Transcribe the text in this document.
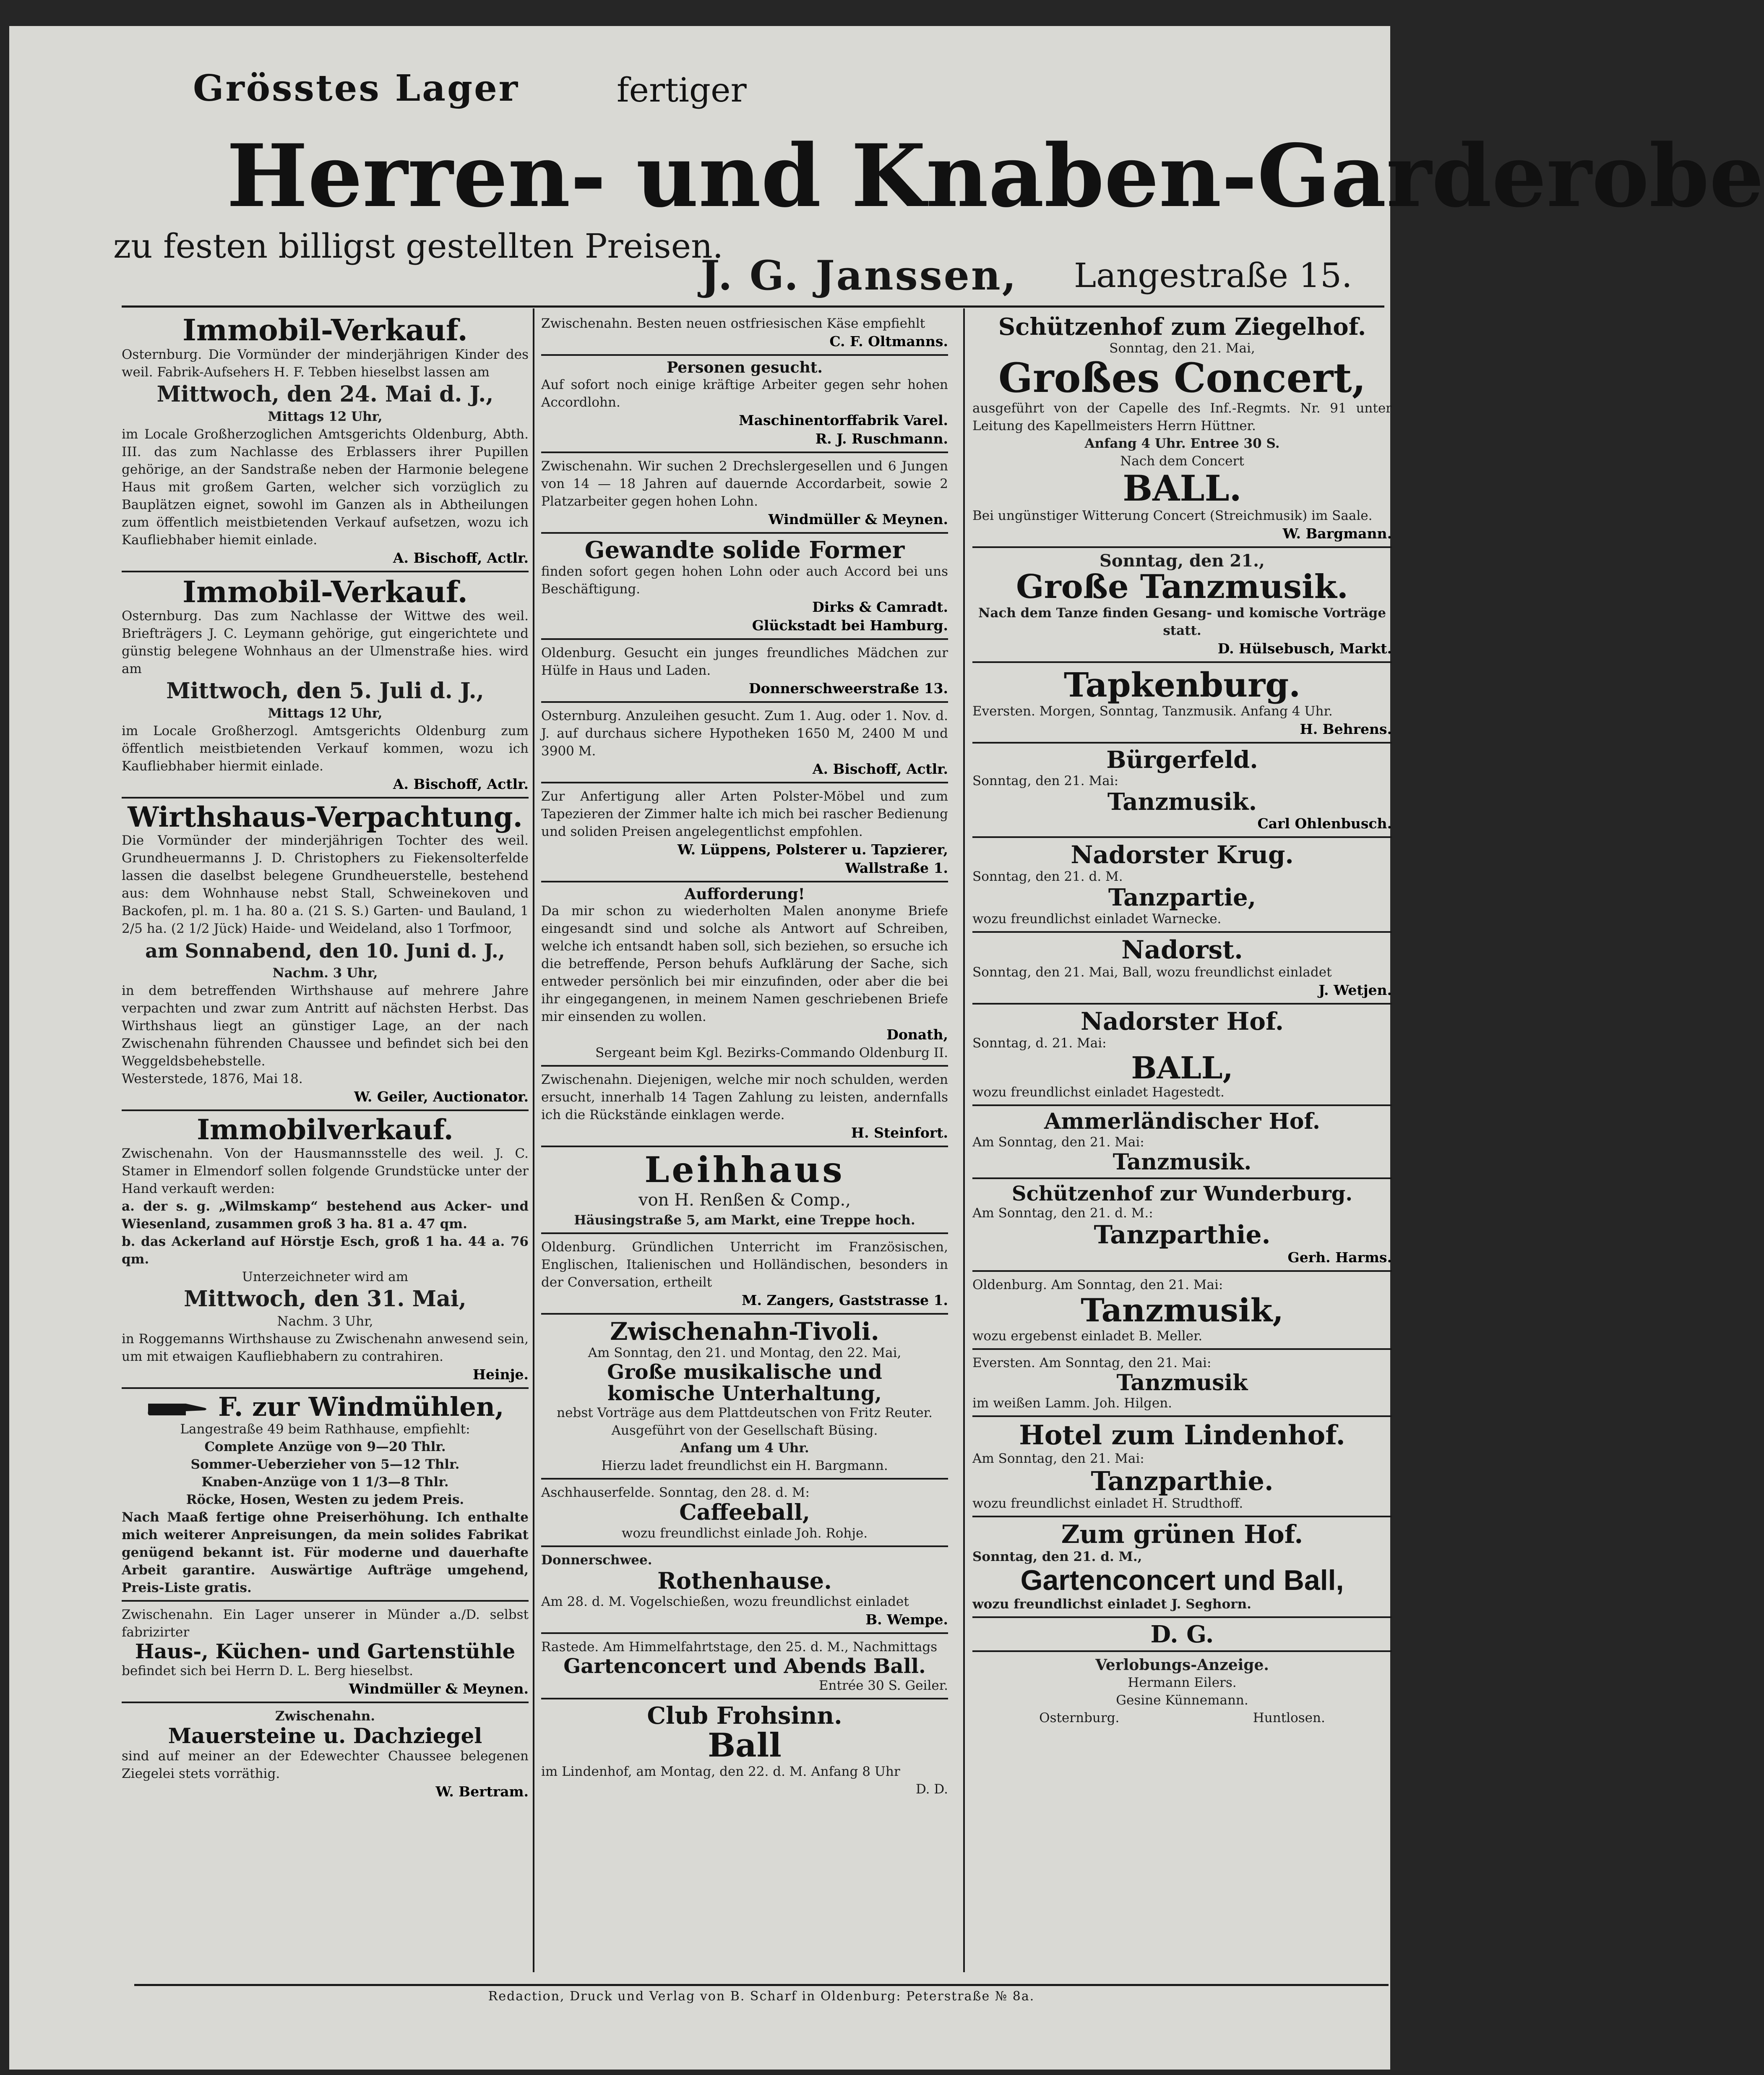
Grösstes Lager	fertiger
Herren- und Knaben-Garderobe
zu festen billigst gestellten Preisen.
J. G. Janssen, Langestraße 15.
Immobil-Verkauf.
Osternburg. Die Vormünder der minderjährigen Kinder des weil. Fabrik-Aufsehers H. F. Tebben hieselbst lassen am
Mittwoch, den 24. Mai d. J.,
Mittags 12 Uhr,
im Locale Großherzoglichen Amtsgerichts Oldenburg, Abth. III. das zum Nachlasse des Erblassers ihrer Pupillen gehörige, an der Sandstraße neben der Harmonie belegene Haus mit großem Garten, welcher sich vorzüglich zu Bauplätzen eignet, sowohl im Ganzen als in Abtheilungen zum öffentlich meistbietenden Verkauf aufsetzen, wozu ich Kaufliebhaber hiemit einlade.
A. Bischoff, Actlr.
Immobil-Verkauf.
Osternburg. Das zum Nachlasse der Wittwe des weil. Briefträgers J. C. Leymann gehörige, gut eingerichtete und günstig belegene Wohnhaus an der Ulmenstraße hies. wird am
Mittwoch, den 5. Juli d. J.,
Mittags 12 Uhr,
im Locale Großherzogl. Amtsgerichts Oldenburg zum öffentlich meistbietenden Verkauf kommen, wozu ich Kaufliebhaber hiermit einlade.
A. Bischoff, Actlr.
Wirthshaus-Verpachtung.
Die Vormünder der minderjährigen Tochter des weil. Grundheuermanns J. D. Christophers zu Fiekensolterfelde lassen die daselbst belegene Grundheuerstelle, bestehend aus: dem Wohnhause nebst Stall, Schweinekoven und Backofen, pl. m. 1 ha. 80 a. (21 S. S.) Garten- und Bauland, 1 2/5 ha. (2 1/2 Jück) Haide- und Weideland, also 1 Torfmoor,
am Sonnabend, den 10. Juni d. J.,
Nachm. 3 Uhr,
in dem betreffenden Wirthshause auf mehrere Jahre verpachten und zwar zum Antritt auf nächsten Herbst. Das Wirthshaus liegt an günstiger Lage, an der nach Zwischenahn führenden Chaussee und befindet sich bei den Weggeldsbehebstelle.
Westerstede, 1876, Mai 18.
W. Geiler, Auctionator.
Immobilverkauf.
Zwischenahn. Von der Hausmannsstelle des weil. J. C. Stamer in Elmendorf sollen folgende Grundstücke unter der Hand verkauft werden:
a. der s. g. „Wilmskamp“ bestehend aus Acker- und Wiesenland, zusammen groß 3 ha. 81 a. 47 qm.
b. das Ackerland auf Hörstje Esch, groß 1 ha. 44 a. 76 qm.
Unterzeichneter wird am
Mittwoch, den 31. Mai,
Nachm. 3 Uhr,
in Roggemanns Wirthshause zu Zwischenahn anwesend sein, um mit etwaigen Kaufliebhabern zu contrahiren.
Heinje.
F. zur Windmühlen,
Langestraße 49 beim Rathhause, empfiehlt:
Complete Anzüge von 9—20 Thlr.
Sommer-Ueberzieher von 5—12 Thlr.
Knaben-Anzüge von 1 1/3—8 Thlr.
Röcke, Hosen, Westen zu jedem Preis.
Nach Maaß fertige ohne Preiserhöhung. Ich enthalte mich weiterer Anpreisungen, da mein solides Fabrikat genügend bekannt ist. Für moderne und dauerhafte Arbeit garantire. Auswärtige Aufträge umgehend, Preis-Liste gratis.
Zwischenahn. Ein Lager unserer in Münder a./D. selbst fabrizirter
Haus-, Küchen- und Gartenstühle
befindet sich bei Herrn D. L. Berg hieselbst.
Windmüller & Meynen.
Zwischenahn.
Mauersteine u. Dachziegel
sind auf meiner an der Edewechter Chaussee belegenen Ziegelei stets vorräthig.
W. Bertram.
Zwischenahn. Besten neuen ostfriesischen Käse empfiehlt
C. F. Oltmanns.
Personen gesucht.
Auf sofort noch einige kräftige Arbeiter gegen sehr hohen Accordlohn.
Maschinentorffabrik Varel.
R. J. Ruschmann.
Zwischenahn. Wir suchen 2 Drechslergesellen und 6 Jungen von 14 — 18 Jahren auf dauernde Accordarbeit, sowie 2 Platzarbeiter gegen hohen Lohn.
Windmüller & Meynen.
Gewandte solide Former
finden sofort gegen hohen Lohn oder auch Accord bei uns Beschäftigung.
Dirks & Camradt.
Glückstadt bei Hamburg.
Oldenburg. Gesucht ein junges freundliches Mädchen zur Hülfe in Haus und Laden.
Donnerschweerstraße 13.
Osternburg. Anzuleihen gesucht. Zum 1. Aug. oder 1. Nov. d. J. auf durchaus sichere Hypotheken 1650 M, 2400 M und 3900 M.
A. Bischoff, Actlr.
Zur Anfertigung aller Arten Polster-Möbel und zum Tapezieren der Zimmer halte ich mich bei rascher Bedienung und soliden Preisen angelegentlichst empfohlen.
W. Lüppens, Polsterer u. Tapzierer,
Wallstraße 1.
Aufforderung!
Da mir schon zu wiederholten Malen anonyme Briefe eingesandt sind und solche als Antwort auf Schreiben, welche ich entsandt haben soll, sich beziehen, so ersuche ich die betreffende, Person behufs Aufklärung der Sache, sich entweder persönlich bei mir einzufinden, oder aber die bei ihr eingegangenen, in meinem Namen geschriebenen Briefe mir einsenden zu wollen.
Donath,
Sergeant beim Kgl. Bezirks-Commando Oldenburg II.
Zwischenahn. Diejenigen, welche mir noch schulden, werden ersucht, innerhalb 14 Tagen Zahlung zu leisten, andernfalls ich die Rückstände einklagen werde.
H. Steinfort.
Leihhaus
von H. Renßen & Comp.,
Häusingstraße 5, am Markt, eine Treppe hoch.
Oldenburg. Gründlichen Unterricht im Französischen, Englischen, Italienischen und Holländischen, besonders in der Conversation, ertheilt
M. Zangers, Gaststrasse 1.
Zwischenahn-Tivoli.
Am Sonntag, den 21. und Montag, den 22. Mai,
Große musikalische und
komische Unterhaltung,
nebst Vorträge aus dem Plattdeutschen von Fritz Reuter. Ausgeführt von der Gesellschaft Büsing.
Anfang um 4 Uhr.
Hierzu ladet freundlichst ein H. Bargmann.
Aschhauserfelde. Sonntag, den 28. d. M:
Caffeeball,
wozu freundlichst einlade Joh. Rohje.
Donnerschwee.
Rothenhause.
Am 28. d. M. Vogelschießen, wozu freundlichst einladet
B. Wempe.
Rastede. Am Himmelfahrtstage, den 25. d. M., Nachmittags
Gartenconcert und Abends Ball.
Entrée 30 S. Geiler.
Club Frohsinn.
Ball
im Lindenhof, am Montag, den 22. d. M. Anfang 8 Uhr
D. D.
Schützenhof zum Ziegelhof.
Sonntag, den 21. Mai,
Großes Concert,
ausgeführt von der Capelle des Inf.-Regmts. Nr. 91 unter Leitung des Kapellmeisters Herrn Hüttner.
Anfang 4 Uhr. Entree 30 S.
Nach dem Concert
BALL.
Bei ungünstiger Witterung Concert (Streichmusik) im Saale.
W. Bargmann.
Sonntag, den 21.,
Große Tanzmusik.
Nach dem Tanze finden Gesang- und komische Vorträge statt.
D. Hülsebusch, Markt.
Tapkenburg.
Eversten. Morgen, Sonntag, Tanzmusik. Anfang 4 Uhr.
H. Behrens.
Bürgerfeld.
Sonntag, den 21. Mai:
Tanzmusik.
Carl Ohlenbusch.
Nadorster Krug.
Sonntag, den 21. d. M.
Tanzpartie,
wozu freundlichst einladet Warnecke.
Nadorst.
Sonntag, den 21. Mai, Ball, wozu freundlichst einladet
J. Wetjen.
Nadorster Hof.
Sonntag, d. 21. Mai:
BALL,
wozu freundlichst einladet Hagestedt.
Ammerländischer Hof.
Am Sonntag, den 21. Mai:
Tanzmusik.
Schützenhof zur Wunderburg.
Am Sonntag, den 21. d. M.:
Tanzparthie.
Gerh. Harms.
Oldenburg. Am Sonntag, den 21. Mai:
Tanzmusik,
wozu ergebenst einladet B. Meller.
Eversten. Am Sonntag, den 21. Mai:
Tanzmusik
im weißen Lamm. Joh. Hilgen.
Hotel zum Lindenhof.
Am Sonntag, den 21. Mai:
Tanzparthie.
wozu freundlichst einladet H. Strudthoff.
Zum grünen Hof.
Sonntag, den 21. d. M.,
Gartenconcert und Ball,
wozu freundlichst einladet J. Seghorn.
D. G.
Verlobungs-Anzeige.
Hermann Eilers.
Gesine Künnemann.
Osternburg.	Huntlosen.
Redaction, Druck und Verlag von B. Scharf in Oldenburg: Peterstraße № 8a.
